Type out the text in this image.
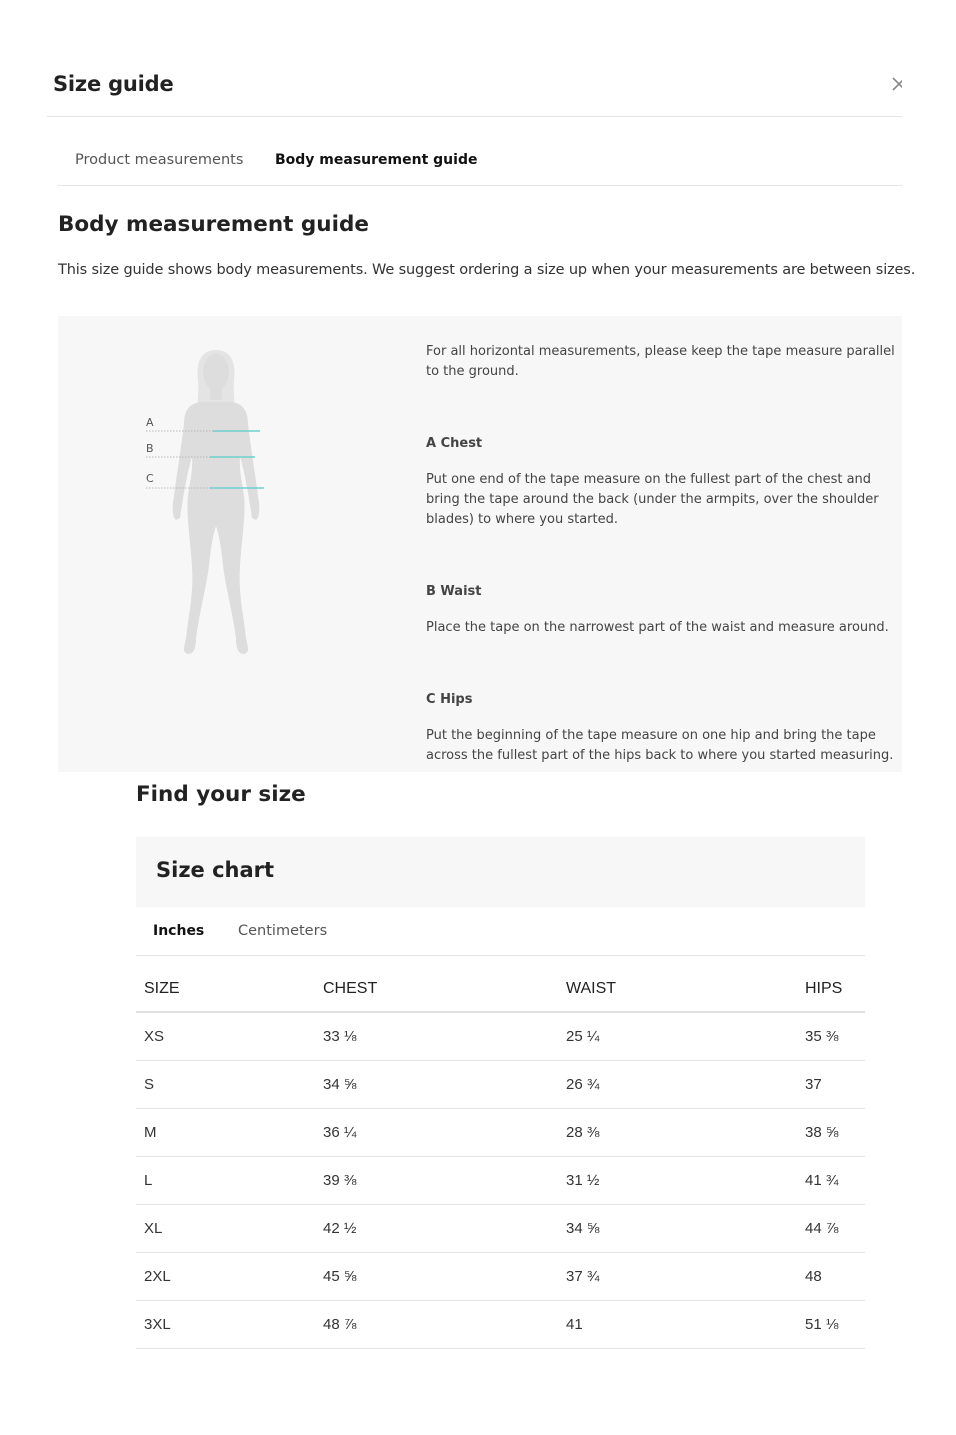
Size guide
Product measurements Body measurement guide
Body measurement guide
This size guide shows body measurements. We suggest ordering a size up when your measurements are between sizes.
A
B
C

For all horizontal measurements, please keep the tape measure parallel to the ground.

A Chest

Put one end of the tape measure on the fullest part of the chest and bring the tape around the back (under the armpits, over the shoulder blades) to where you started.

B Waist

Place the tape on the narrowest part of the waist and measure around.

C Hips

Put the beginning of the tape measure on one hip and bring the tape across the fullest part of the hips back to where you started measuring.

Find your size
Size chart
Inches Centimeters
SIZE	CHEST	WAIST	HIPS
XS	33 ⅛	25 ¼	35 ⅜
S	34 ⅝	26 ¾	37
M	36 ¼	28 ⅜	38 ⅝
L	39 ⅜	31 ½	41 ¾
XL	42 ½	34 ⅝	44 ⅞
2XL	45 ⅝	37 ¾	48
3XL	48 ⅞	41	51 ⅛
